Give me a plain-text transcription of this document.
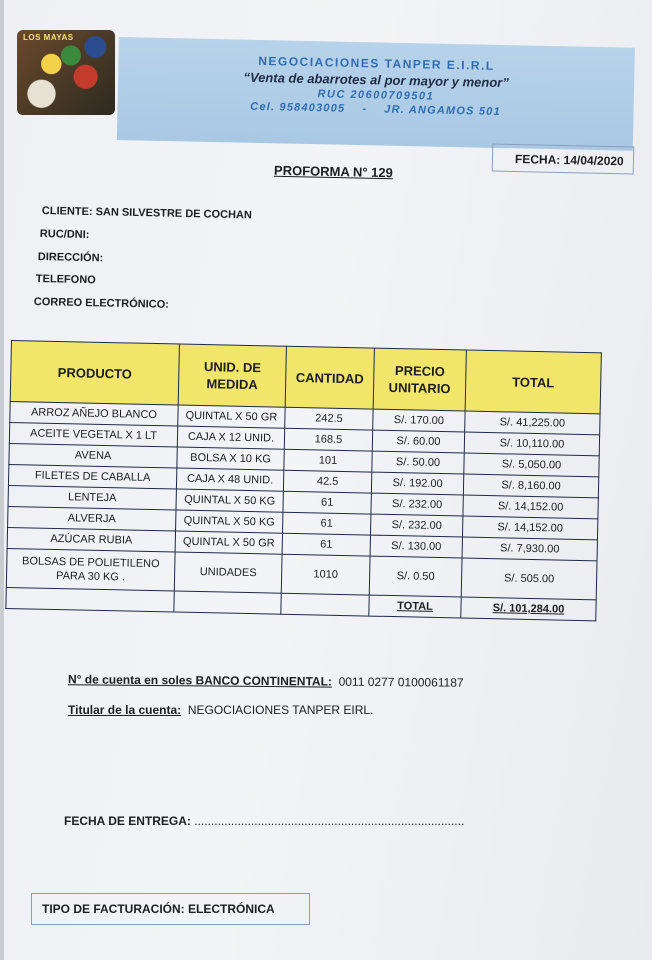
LOS MAYAS
NEGOCIACIONES TANPER E.I.R.L
“Venta de abarrotes al por mayor y menor”
RUC 20600709501
Cel. 958403005 - JR. ANGAMOS 501
FECHA: 14/04/2020
PROFORMA N° 129
CLIENTE: SAN SILVESTRE DE COCHAN
RUC/DNI:
DIRECCIÓN:
TELEFONO
CORREO ELECTRÓNICO:
PRODUCTO	UNID. DE MEDIDA	CANTIDAD	PRECIO UNITARIO	TOTAL
ARROZ AÑEJO BLANCO	QUINTAL X 50 GR	242.5	S/. 170.00	S/. 41,225.00
ACEITE VEGETAL X 1 LT	CAJA X 12 UNID.	168.5	S/. 60.00	S/. 10,110.00
AVENA	BOLSA X 10 KG	101	S/. 50.00	S/. 5,050.00
FILETES DE CABALLA	CAJA X 48 UNID.	42.5	S/. 192.00	S/. 8,160.00
LENTEJA	QUINTAL X 50 KG	61	S/. 232.00	S/. 14,152.00
ALVERJA	QUINTAL X 50 KG	61	S/. 232.00	S/. 14,152.00
AZÚCAR RUBIA	QUINTAL X 50 GR	61	S/. 130.00	S/. 7,930.00
BOLSAS DE POLIETILENO PARA 30 KG .	UNIDADES	1010	S/. 0.50	S/. 505.00
			TOTAL	S/. 101,284.00
N° de cuenta en soles BANCO CONTINENTAL: 0011 0277 0100061187
Titular de la cuenta: NEGOCIACIONES TANPER EIRL.
FECHA DE ENTREGA: .................................................................................
TIPO DE FACTURACIÓN: ELECTRÓNICA
